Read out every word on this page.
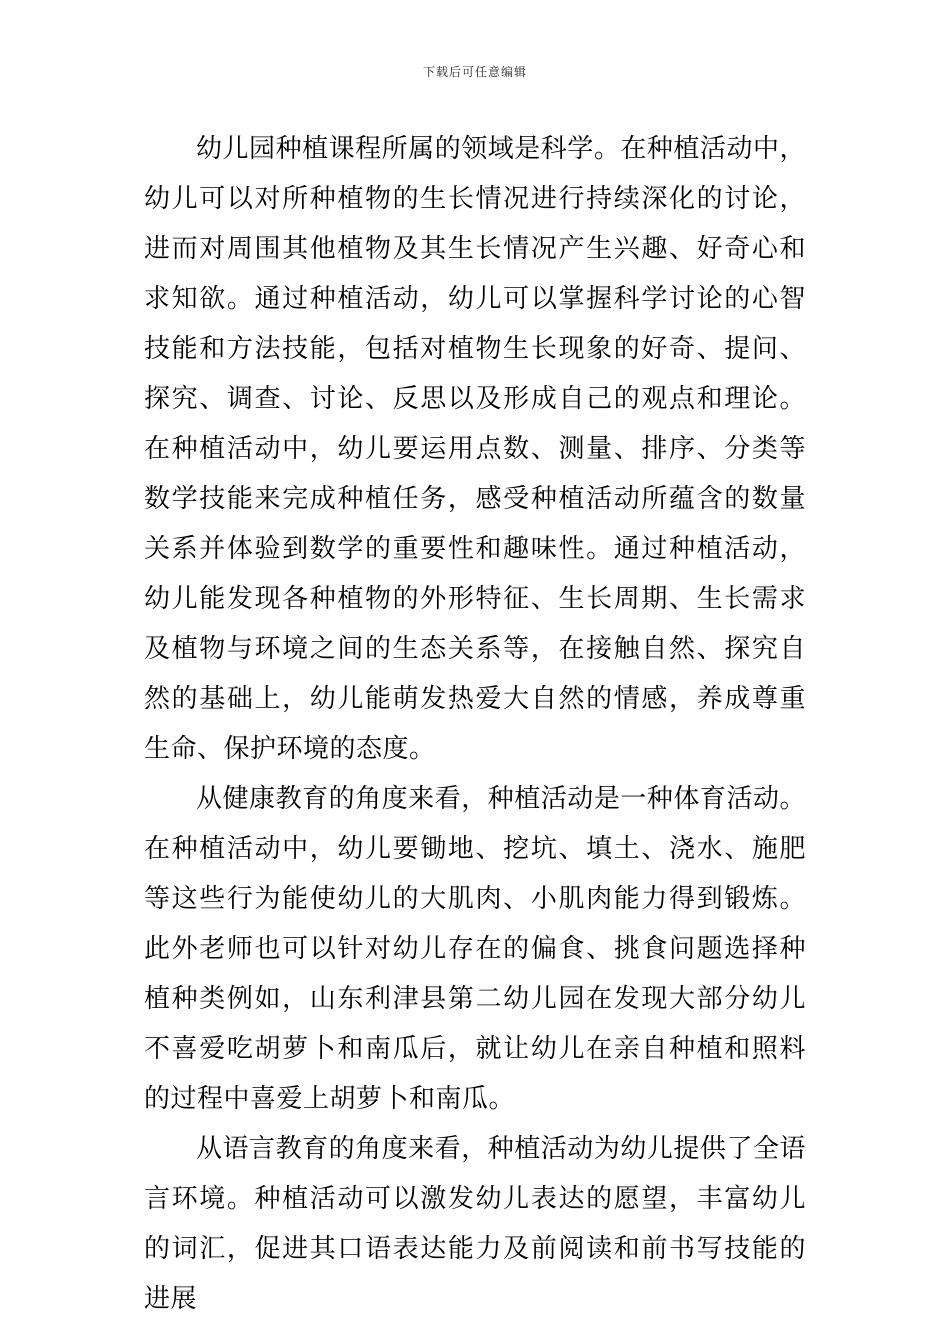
下载后可任意编辑

幼儿园种植课程所属的领域是科学。在种植活动中，幼儿可以对所种植物的生长情况进行持续深化的讨论，进而对周围其他植物及其生长情况产生兴趣、好奇心和求知欲。通过种植活动，幼儿可以掌握科学讨论的心智技能和方法技能，包括对植物生长现象的好奇、提问、探究、调查、讨论、反思以及形成自己的观点和理论。在种植活动中，幼儿要运用点数、测量、排序、分类等数学技能来完成种植任务，感受种植活动所蕴含的数量关系并体验到数学的重要性和趣味性。通过种植活动，幼儿能发现各种植物的外形特征、生长周期、生长需求及植物与环境之间的生态关系等，在接触自然、探究自然的基础上，幼儿能萌发热爱大自然的情感，养成尊重生命、保护环境的态度。

从健康教育的角度来看，种植活动是一种体育活动。在种植活动中，幼儿要锄地、挖坑、填土、浇水、施肥等这些行为能使幼儿的大肌肉、小肌肉能力得到锻炼。此外老师也可以针对幼儿存在的偏食、挑食问题选择种植种类例如，山东利津县第二幼儿园在发现大部分幼儿不喜爱吃胡萝卜和南瓜后，就让幼儿在亲自种植和照料的过程中喜爱上胡萝卜和南瓜。

从语言教育的角度来看，种植活动为幼儿提供了全语言环境。种植活动可以激发幼儿表达的愿望，丰富幼儿的词汇，促进其口语表达能力及前阅读和前书写技能的进展
